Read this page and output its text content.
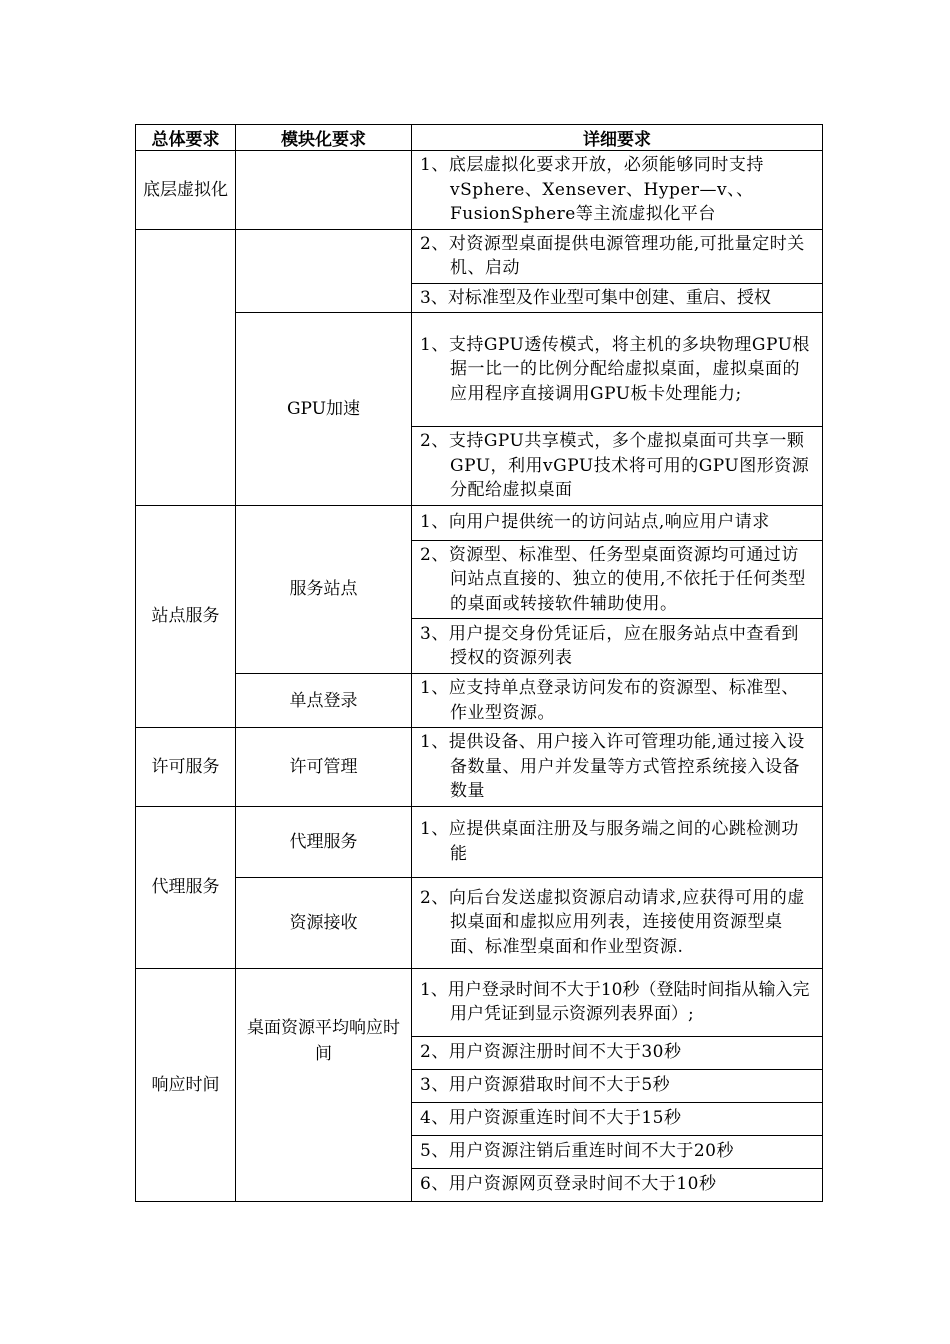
总体要求	模块化要求	详细要求

底层虚拟化		1、底层虚拟化要求开放，必须能够同时支持vSphere、Xensever、Hyper—v、、FusionSphere等主流虚拟化平台

		2、对资源型桌面提供电源管理功能,可批量定时关机、启动

		3、对标准型及作业型可集中创建、重启、授权

	GPU加速	1、支持GPU透传模式，将主机的多块物理GPU根据一比一的比例分配给虚拟桌面，虚拟桌面的应用程序直接调用GPU板卡处理能力;

		2、支持GPU共享模式，多个虚拟桌面可共享一颗GPU，利用vGPU技术将可用的GPU图形资源分配给虚拟桌面

站点服务	服务站点	1、向用户提供统一的访问站点,响应用户请求

		2、资源型、标准型、任务型桌面资源均可通过访问站点直接的、独立的使用,不依托于任何类型的桌面或转接软件辅助使用。

		3、用户提交身份凭证后，应在服务站点中查看到授权的资源列表

	单点登录	1、应支持单点登录访问发布的资源型、标准型、作业型资源。

许可服务	许可管理	1、提供设备、用户接入许可管理功能,通过接入设备数量、用户并发量等方式管控系统接入设备数量

代理服务	代理服务	1、应提供桌面注册及与服务端之间的心跳检测功能

	资源接收	2、向后台发送虚拟资源启动请求,应获得可用的虚拟桌面和虚拟应用列表，连接使用资源型桌面、标准型桌面和作业型资源.

响应时间	桌面资源平均响应时间	1、用户登录时间不大于10秒（登陆时间指从输入完用户凭证到显示资源列表界面）;

		2、用户资源注册时间不大于30秒

		3、用户资源猎取时间不大于5秒

		4、用户资源重连时间不大于15秒

		5、用户资源注销后重连时间不大于20秒

		6、用户资源网页登录时间不大于10秒
